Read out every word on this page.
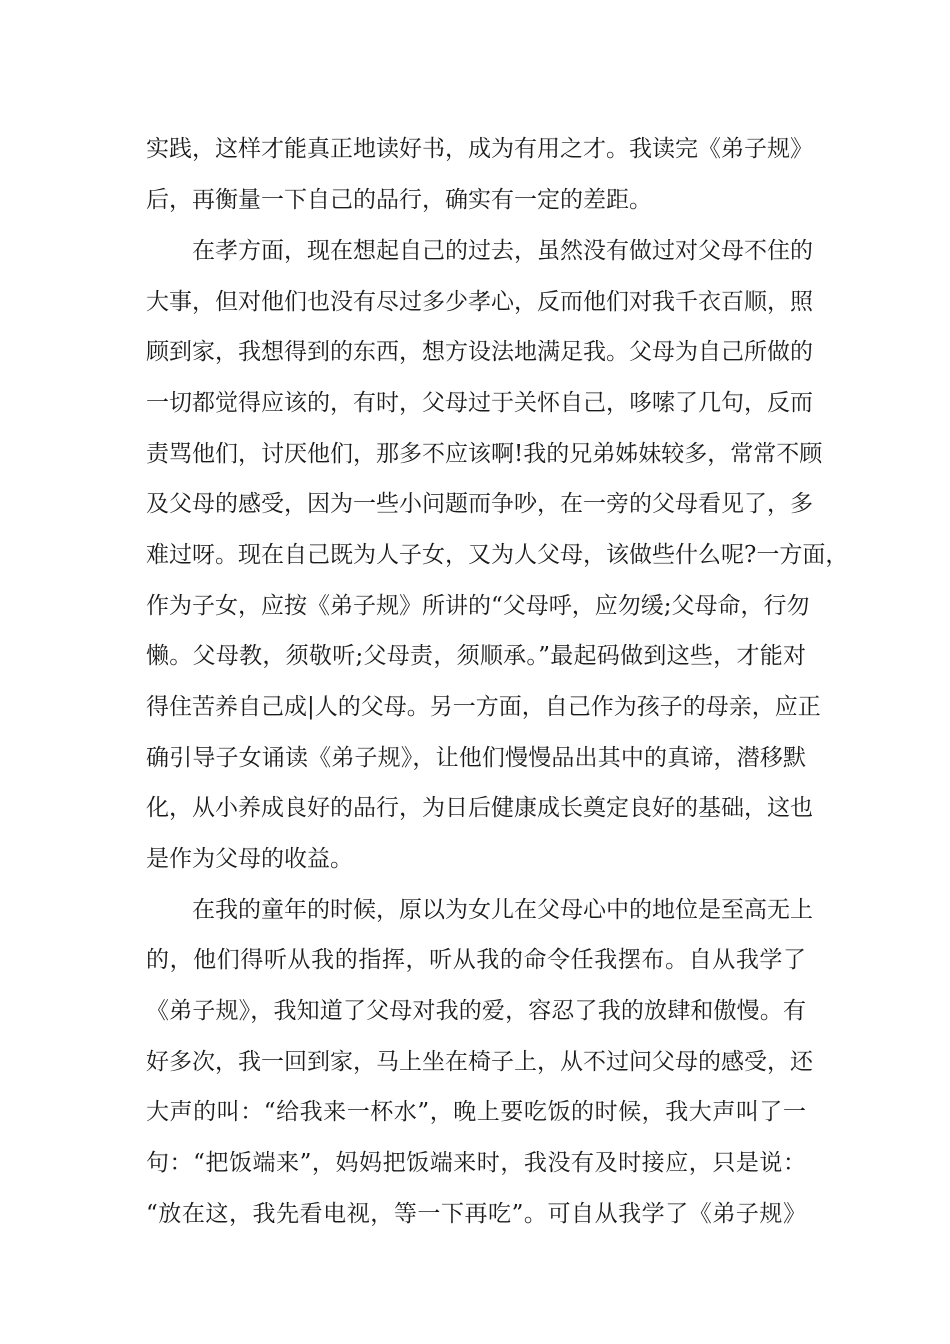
实践，这样才能真正地读好书，成为有用之才。我读完《弟子规》
后，再衡量一下自己的品行，确实有一定的差距。
在孝方面，现在想起自己的过去，虽然没有做过对父母不住的
大事，但对他们也没有尽过多少孝心，反而他们对我千衣百顺，照
顾到家，我想得到的东西，想方设法地满足我。父母为自己所做的
一切都觉得应该的，有时，父母过于关怀自己，哆嗦了几句，反而
责骂他们，讨厌他们，那多不应该啊!我的兄弟姊妹较多，常常不顾
及父母的感受，因为一些小问题而争吵，在一旁的父母看见了，多
难过呀。现在自己既为人子女，又为人父母，该做些什么呢?一方面，
作为子女，应按《弟子规》所讲的“父母呼，应勿缓;父母命，行勿
懒。父母教，须敬听;父母责，须顺承。”最起码做到这些，才能对
得住苦养自己成|人的父母。另一方面，自己作为孩子的母亲，应正
确引导子女诵读《弟子规》，让他们慢慢品出其中的真谛，潜移默
化，从小养成良好的品行，为日后健康成长奠定良好的基础，这也
是作为父母的收益。
在我的童年的时候，原以为女儿在父母心中的地位是至高无上
的，他们得听从我的指挥，听从我的命令任我摆布。自从我学了
《弟子规》，我知道了父母对我的爱，容忍了我的放肆和傲慢。有
好多次，我一回到家，马上坐在椅子上，从不过问父母的感受，还
大声的叫：“给我来一杯水”，晚上要吃饭的时候，我大声叫了一
句：“把饭端来”，妈妈把饭端来时，我没有及时接应，只是说：
“放在这，我先看电视，等一下再吃”。可自从我学了《弟子规》
